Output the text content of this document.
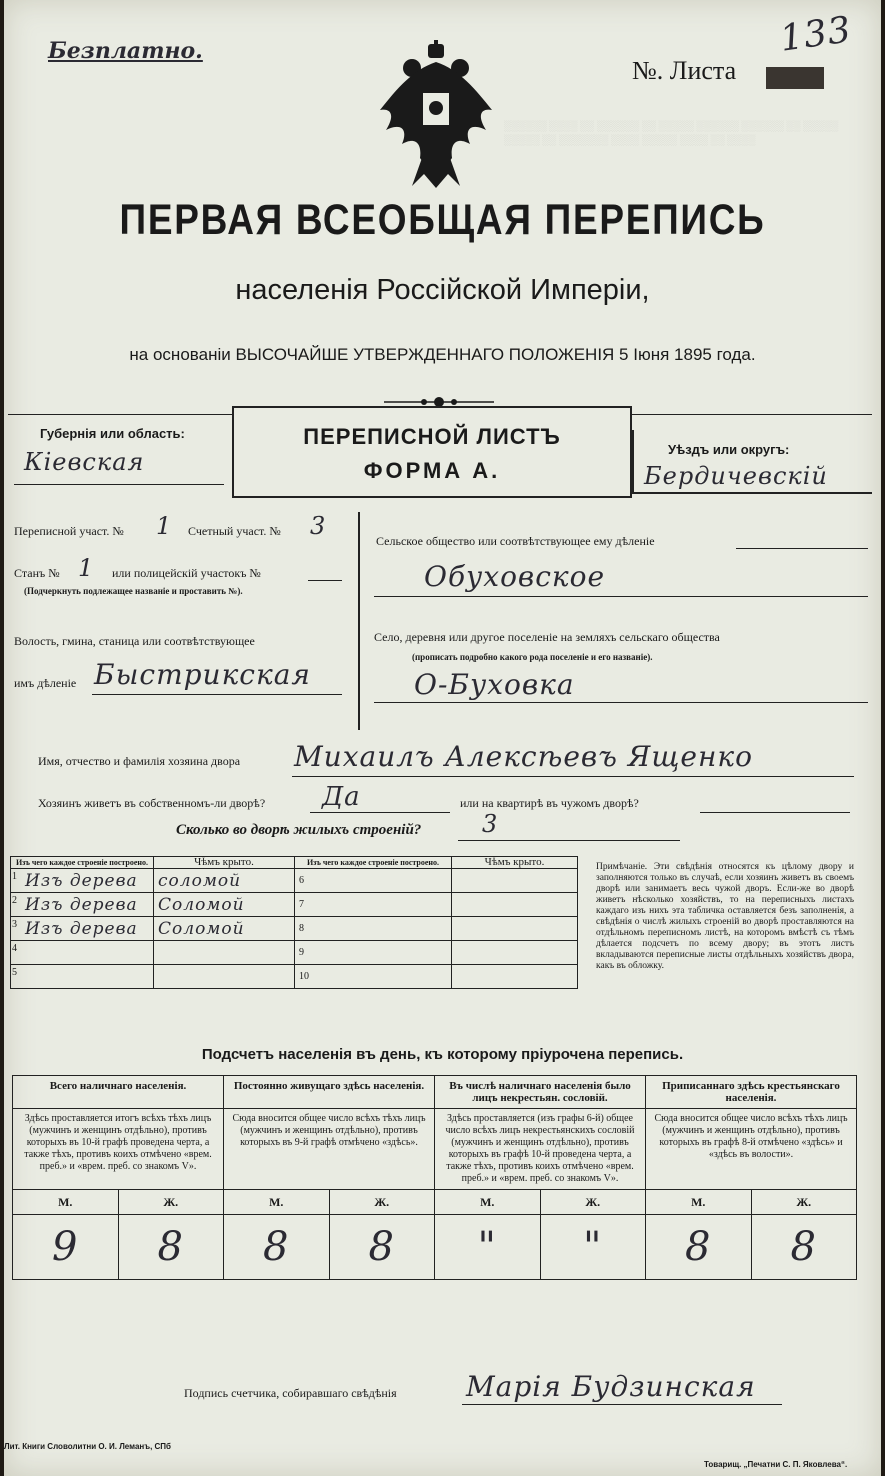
Безплатно.
№. Листа
133
░░░░░░ ░░░░ ░░ ░░░░░░ ░░ ░░░░░ ░░░░░░ ░░░░░░ ░░ ░░░░░ ░░░░░ ░░ ░░░░░░░ ░░░░ ░░░░░ ░░░░ ░░ ░░░░
ПЕРВАЯ ВСЕОБЩАЯ ПЕРЕПИСЬ
населенія Россійской Имперіи,
на основаніи ВЫСОЧАЙШЕ УТВЕРЖДЕННАГО ПОЛОЖЕНІЯ 5 Іюня 1895 года.
Губернія или область:
Кіевская
ПЕРЕПИСНОЙ ЛИСТЪ
ФОРМА А.
Уѣздъ или округъ:
Бердичевскій
Переписной участ. № 1 Счетный участ. № 3
Станъ № 1 или полицейскій участокъ №
(Подчеркнуть подлежащее названіе и проставить №).
Волость, гмина, станица или соотвѣтствующее
имъ дѣленіе Быстрикская
Сельское общество или соотвѣтствующее ему дѣленіе
Обуховское
Село, деревня или другое поселеніе на земляхъ сельскаго общества
(прописать подробно какого рода поселеніе и его названіе).
О-Буховка
Имя, отчество и фамилія хозяина двора Михаилъ Алексѣевъ Ященко
Хозяинъ живетъ въ собственномъ-ли дворѣ? Да	или на квартирѣ въ чужомъ дворѣ?
Сколько во дворѣ жилыхъ строеній?	3
Изъ чего каждое строеніе построено.	Чѣмъ крыто.	Изъ чего каждое строеніе построено.	Чѣмъ крыто.

1 Изъ дерева	соломой	6	

2 Изъ дерева	Соломой	7	

3 Изъ дерева	Соломой	8	

4		9	

5		10	
Примѣчаніе. Эти свѣдѣнія относятся къ цѣлому двору и заполняются только въ случаѣ, если хозяинъ живетъ въ своемъ дворѣ или занимаетъ весь чужой дворъ. Если-же во дворѣ живетъ нѣсколько хозяйствъ, то на переписныхъ листахъ каждаго изъ нихъ эта табличка оставляется безъ заполненія, а свѣдѣнія о числѣ жилыхъ строеній во дворѣ проставляются на отдѣльномъ переписномъ листѣ, на которомъ вмѣстѣ съ тѣмъ дѣлается подсчетъ по всему двору; въ этотъ листъ вкладываются переписные листы отдѣльныхъ хозяйствъ двора, какъ въ обложку.
Подсчетъ населенія въ день, къ которому пріурочена перепись.
Всего наличнаго населенія.		Постоянно живущаго здѣсь населенія.		Въ числѣ наличнаго населенія было лицъ некрестьян. сословій.		Приписаннаго здѣсь крестьянскаго населенія.	
Здѣсь проставляется итогъ всѣхъ тѣхъ лицъ (мужчинъ и женщинъ отдѣльно), противъ которыхъ въ 10-й графѣ проведена черта, а также тѣхъ, противъ коихъ отмѣчено «врем. преб.» и «врем. преб. со знакомъ V».		Сюда вносится общее число всѣхъ тѣхъ лицъ (мужчинъ и женщинъ отдѣльно), противъ которыхъ въ 9-й графѣ отмѣчено «здѣсь».		Здѣсь проставляется (изъ графы 6-й) общее число всѣхъ лицъ некрестьянскихъ сословій (мужчинъ и женщинъ отдѣльно), противъ которыхъ въ графѣ 10-й проведена черта, а также тѣхъ, противъ коихъ отмѣчено «врем. преб.» и «врем. преб. со знакомъ V».		Сюда вносится общее число всѣхъ тѣхъ лицъ (мужчинъ и женщинъ отдѣльно), противъ которыхъ въ графѣ 8-й отмѣчено «здѣсь» и «здѣсь въ волости».	
М.	Ж.	М.	Ж.	М.	Ж.	М.	Ж.
9	8	8	8	"	"	8	8
Подпись счетчика, собиравшаго свѣдѣнія Марія Будзинская
Лит. Книги Словолитни О. И. Леманъ, СПб
Товарищ. „Печатни С. П. Яковлева“.
